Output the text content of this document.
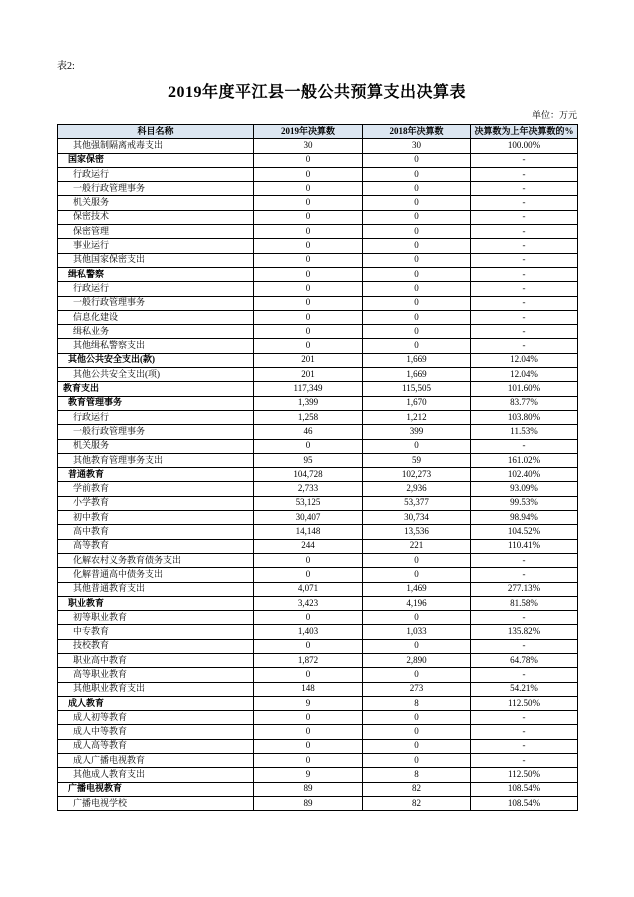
表2:
2019年度平江县一般公共预算支出决算表
单位：万元
科目名称	2019年决算数	2018年决算数	决算数为上年决算数的%
其他强制隔离戒毒支出	30	30	100.00%
国家保密	0	0	-
行政运行	0	0	-
一般行政管理事务	0	0	-
机关服务	0	0	-
保密技术	0	0	-
保密管理	0	0	-
事业运行	0	0	-
其他国家保密支出	0	0	-
缉私警察	0	0	-
行政运行	0	0	-
一般行政管理事务	0	0	-
信息化建设	0	0	-
缉私业务	0	0	-
其他缉私警察支出	0	0	-
其他公共安全支出(款)	201	1,669	12.04%
其他公共安全支出(项)	201	1,669	12.04%
教育支出	117,349	115,505	101.60%
教育管理事务	1,399	1,670	83.77%
行政运行	1,258	1,212	103.80%
一般行政管理事务	46	399	11.53%
机关服务	0	0	-
其他教育管理事务支出	95	59	161.02%
普通教育	104,728	102,273	102.40%
学前教育	2,733	2,936	93.09%
小学教育	53,125	53,377	99.53%
初中教育	30,407	30,734	98.94%
高中教育	14,148	13,536	104.52%
高等教育	244	221	110.41%
化解农村义务教育债务支出	0	0	-
化解普通高中债务支出	0	0	-
其他普通教育支出	4,071	1,469	277.13%
职业教育	3,423	4,196	81.58%
初等职业教育	0	0	-
中专教育	1,403	1,033	135.82%
技校教育	0	0	-
职业高中教育	1,872	2,890	64.78%
高等职业教育	0	0	-
其他职业教育支出	148	273	54.21%
成人教育	9	8	112.50%
成人初等教育	0	0	-
成人中等教育	0	0	-
成人高等教育	0	0	-
成人广播电视教育	0	0	-
其他成人教育支出	9	8	112.50%
广播电视教育	89	82	108.54%
广播电视学校	89	82	108.54%
